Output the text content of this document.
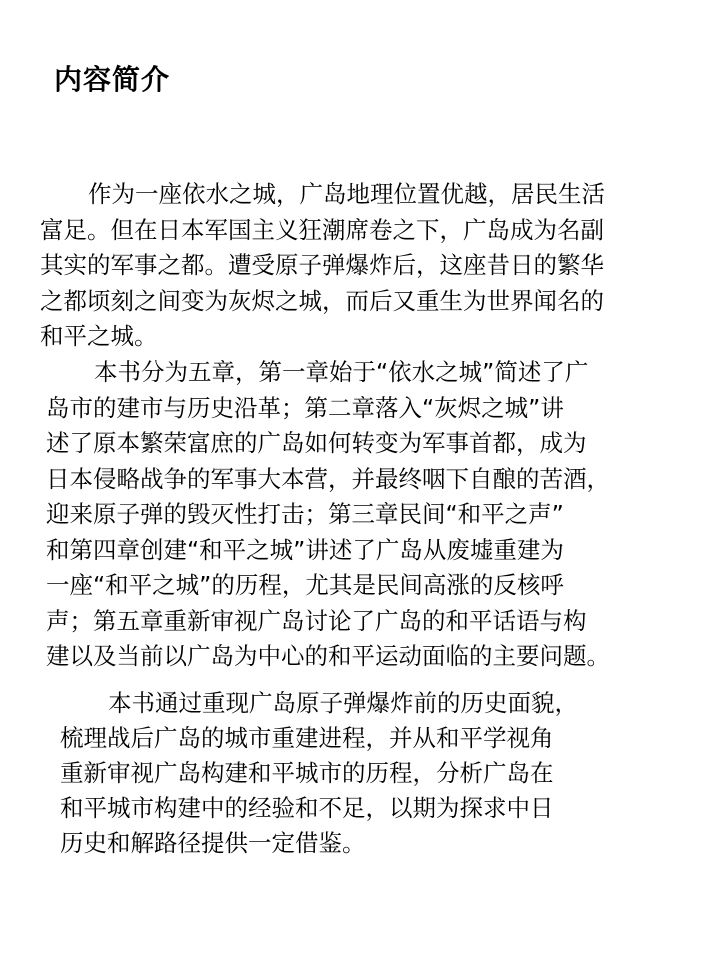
内容简介
作为一座依水之城，广岛地理位置优越，居民生活
富足。但在日本军国主义狂潮席卷之下，广岛成为名副
其实的军事之都。遭受原子弹爆炸后，这座昔日的繁华
之都顷刻之间变为灰烬之城，而后又重生为世界闻名的
和平之城。
本书分为五章，第一章始于“依水之城”简述了广
岛市的建市与历史沿革；第二章落入“灰烬之城”讲
述了原本繁荣富庶的广岛如何转变为军事首都，成为
日本侵略战争的军事大本营，并最终咽下自酿的苦酒，
迎来原子弹的毁灭性打击；第三章民间“和平之声”
和第四章创建“和平之城”讲述了广岛从废墟重建为
一座“和平之城”的历程，尤其是民间高涨的反核呼
声；第五章重新审视广岛讨论了广岛的和平话语与构
建以及当前以广岛为中心的和平运动面临的主要问题。
本书通过重现广岛原子弹爆炸前的历史面貌，
梳理战后广岛的城市重建进程，并从和平学视角
重新审视广岛构建和平城市的历程，分析广岛在
和平城市构建中的经验和不足，以期为探求中日
历史和解路径提供一定借鉴。
